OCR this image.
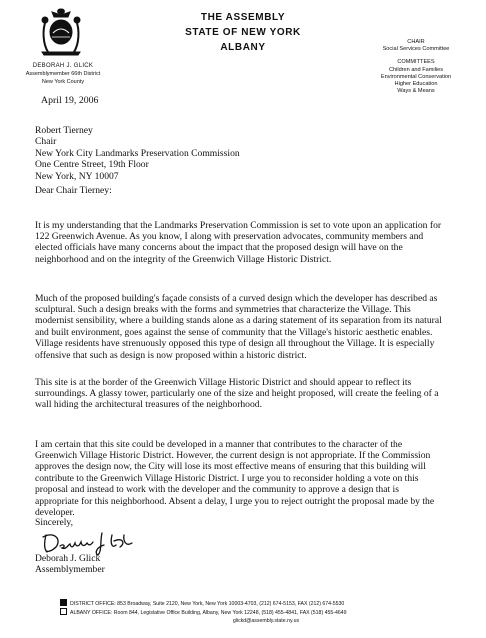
THE ASSEMBLY
STATE OF NEW YORK
ALBANY
DEBORAH J. GLICK
Assemblymember 66th District
New York County
CHAIR
Social Services Committee
COMMITTEES
Children and Families
Environmental Conservation
Higher Education
Ways & Means
April 19, 2006
Robert Tierney
Chair
New York City Landmarks Preservation Commission
One Centre Street, 19th Floor
New York, NY 10007
Dear Chair Tierney:

It is my understanding that the Landmarks Preservation Commission is set to vote upon an application for 122 Greenwich Avenue. As you know, I along with preservation advocates, community members and elected officials have many concerns about the impact that the proposed design will have on the neighborhood and on the integrity of the Greenwich Village Historic District.

Much of the proposed building's façade consists of a curved design which the developer has described as sculptural. Such a design breaks with the forms and symmetries that characterize the Village. This modernist sensibility, where a building stands alone as a daring statement of its separation from its natural and built environment, goes against the sense of community that the Village's historic aesthetic enables. Village residents have strenuously opposed this type of design all throughout the Village. It is especially offensive that such as design is now proposed within a historic district.

This site is at the border of the Greenwich Village Historic District and should appear to reflect its surroundings. A glassy tower, particularly one of the size and height proposed, will create the feeling of a wall hiding the architectural treasures of the neighborhood.

I am certain that this site could be developed in a manner that contributes to the character of the Greenwich Village Historic District. However, the current design is not appropriate. If the Commission approves the design now, the City will lose its most effective means of ensuring that this building will contribute to the Greenwich Village Historic District. I urge you to reconsider holding a vote on this proposal and instead to work with the developer and the community to approve a design that is appropriate for this neighborhood. Absent a delay, I urge you to reject outright the proposal made by the developer.

Sincerely,
Deborah J. Glick
Assemblymember
DISTRICT OFFICE: 853 Broadway, Suite 2120, New York, New York 10003-4703, (212) 674-5153, FAX (212) 674-5530
ALBANY OFFICE: Room 844, Legislative Office Building, Albany, New York 12248, (518) 455-4841, FAX (518) 455-4649
glickd@assembly.state.ny.us
